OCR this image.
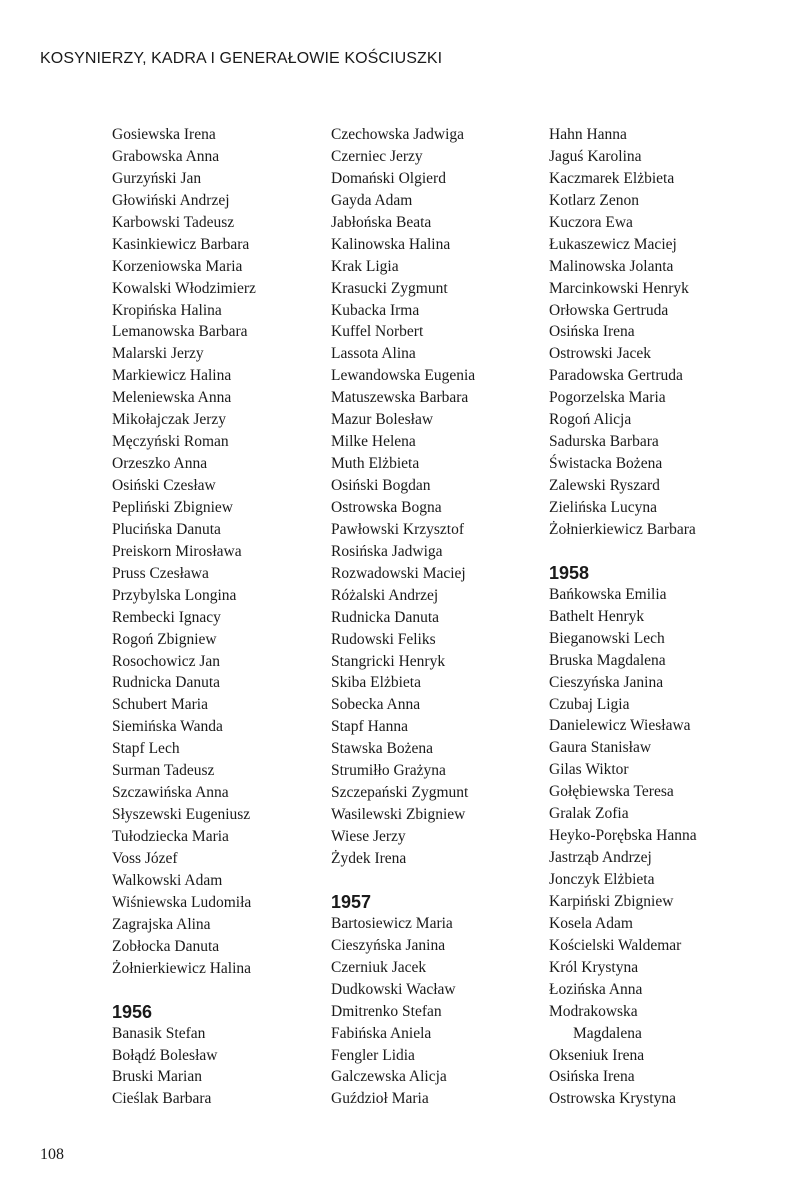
KOSYNIERZY, KADRA I GENERAŁOWIE KOŚCIUSZKI
Gosiewska Irena
Grabowska Anna
Gurzyński Jan
Głowiński Andrzej
Karbowski Tadeusz
Kasinkiewicz Barbara
Korzeniowska Maria
Kowalski Włodzimierz
Kropińska Halina
Lemanowska Barbara
Malarski Jerzy
Markiewicz Halina
Meleniewska Anna
Mikołajczak Jerzy
Męczyński Roman
Orzeszko Anna
Osiński Czesław
Pepliński Zbigniew
Plucińska Danuta
Preiskorn Mirosława
Pruss Czesława
Przybylska Longina
Rembecki Ignacy
Rogoń Zbigniew
Rosochowicz Jan
Rudnicka Danuta
Schubert Maria
Siemińska Wanda
Stapf Lech
Surman Tadeusz
Szczawińska Anna
Słyszewski Eugeniusz
Tułodziecka Maria
Voss Józef
Walkowski Adam
Wiśniewska Ludomiła
Zagrajska Alina
Zobłocka Danuta
Żołnierkiewicz Halina
1956
Banasik Stefan
Bołądź Bolesław
Bruski Marian
Cieślak Barbara
Czechowska Jadwiga
Czerniec Jerzy
Domański Olgierd
Gayda Adam
Jabłońska Beata
Kalinowska Halina
Krak Ligia
Krasucki Zygmunt
Kubacka Irma
Kuffel Norbert
Lassota Alina
Lewandowska Eugenia
Matuszewska Barbara
Mazur Bolesław
Milke Helena
Muth Elżbieta
Osiński Bogdan
Ostrowska Bogna
Pawłowski Krzysztof
Rosińska Jadwiga
Rozwadowski Maciej
Różalski Andrzej
Rudnicka Danuta
Rudowski Feliks
Stangricki Henryk
Skiba Elżbieta
Sobecka Anna
Stapf Hanna
Stawska Bożena
Strumiłło Grażyna
Szczepański Zygmunt
Wasilewski Zbigniew
Wiese Jerzy
Żydek Irena
1957
Bartosiewicz Maria
Cieszyńska Janina
Czerniuk Jacek
Dudkowski Wacław
Dmitrenko Stefan
Fabińska Aniela
Fengler Lidia
Galczewska Alicja
Guździoł Maria
Hahn Hanna
Jaguś Karolina
Kaczmarek Elżbieta
Kotlarz Zenon
Kuczora Ewa
Łukaszewicz Maciej
Malinowska Jolanta
Marcinkowski Henryk
Orłowska Gertruda
Osińska Irena
Ostrowski Jacek
Paradowska Gertruda
Pogorzelska Maria
Rogoń Alicja
Sadurska Barbara
Świstacka Bożena
Zalewski Ryszard
Zielińska Lucyna
Żołnierkiewicz Barbara
1958
Bańkowska Emilia
Bathelt Henryk
Bieganowski Lech
Bruska Magdalena
Cieszyńska Janina
Czubaj Ligia
Danielewicz Wiesława
Gaura Stanisław
Gilas Wiktor
Gołębiewska Teresa
Gralak Zofia
Heyko-Porębska Hanna
Jastrząb Andrzej
Jonczyk Elżbieta
Karpiński Zbigniew
Kosela Adam
Kościelski Waldemar
Król Krystyna
Łozińska Anna
Modrakowska
Magdalena
Okseniuk Irena
Osińska Irena
Ostrowska Krystyna
108
